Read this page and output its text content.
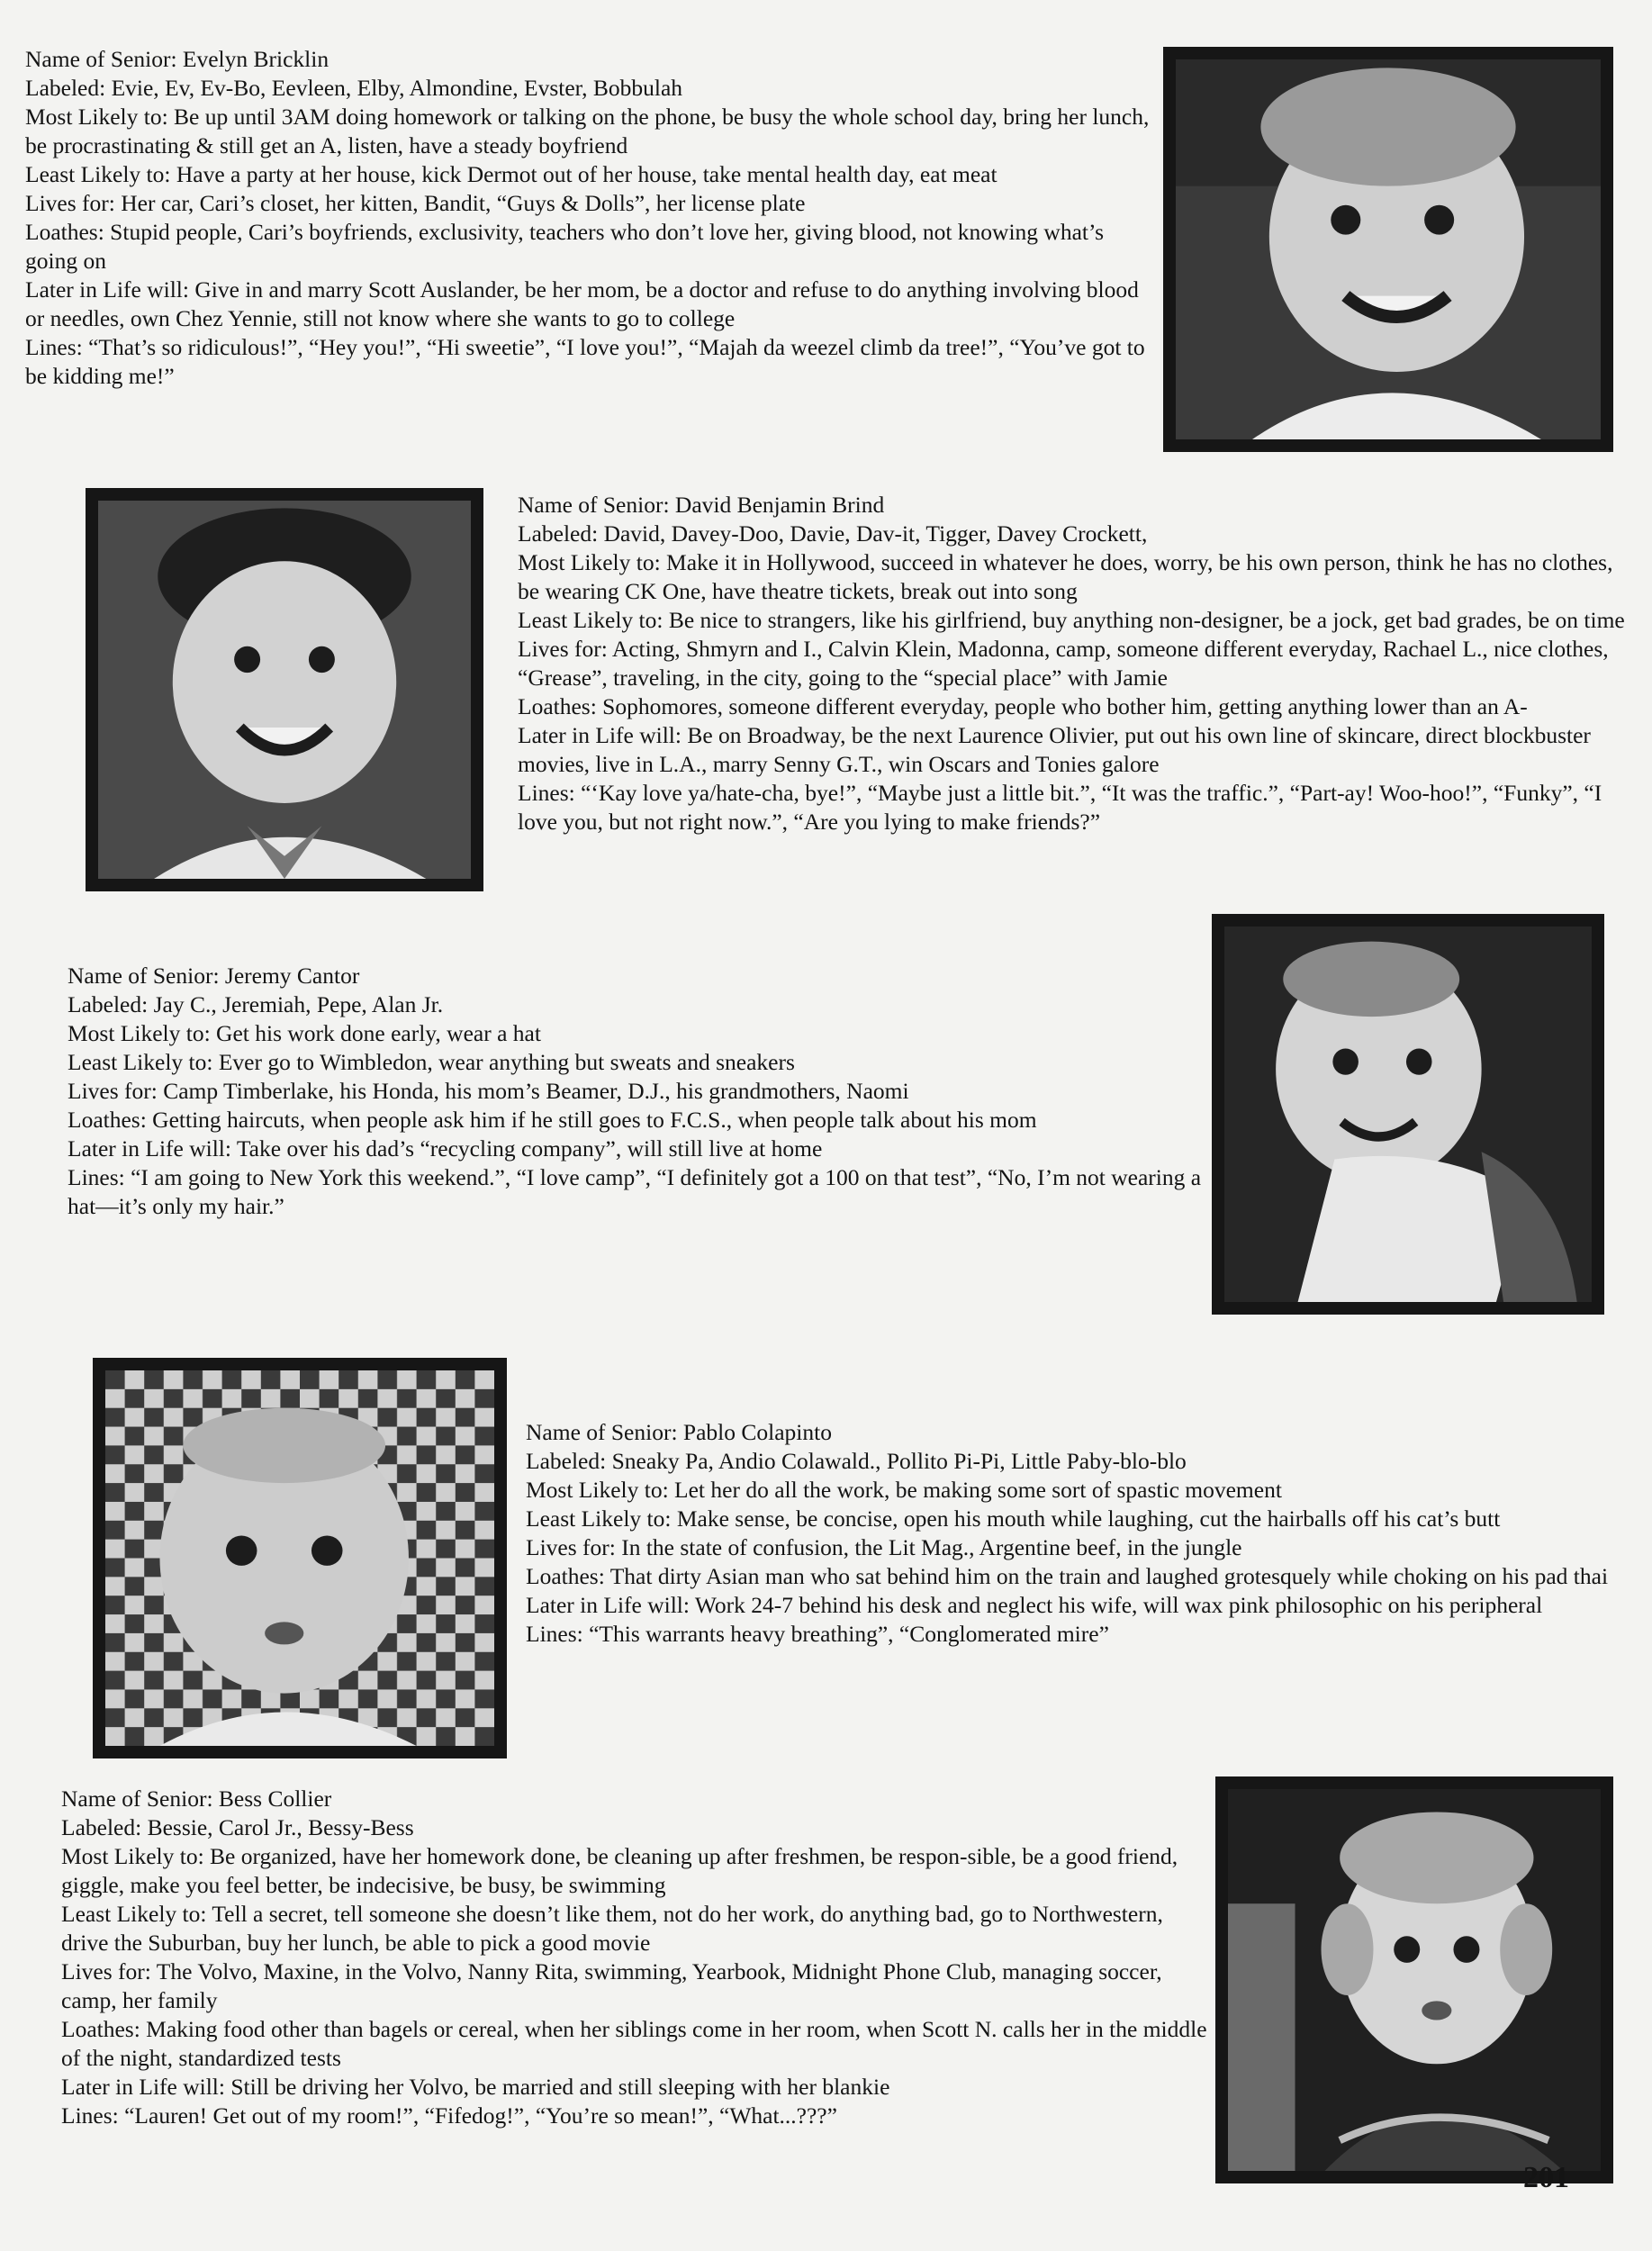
Name of Senior: Evelyn Bricklin
Labeled: Evie, Ev, Ev-Bo, Eevleen, Elby, Almondine, Evster, Bobbulah
Most Likely to: Be up until 3AM doing homework or talking on the phone, be busy the whole school day, bring her lunch, be procrastinating & still get an A, listen, have a steady boyfriend
Least Likely to: Have a party at her house, kick Dermot out of her house, take mental health day, eat meat
Lives for: Her car, Cari’s closet, her kitten, Bandit, “Guys & Dolls”, her license plate
Loathes: Stupid people, Cari’s boyfriends, exclusivity, teachers who don’t love her, giving blood, not knowing what’s going on
Later in Life will: Give in and marry Scott Auslander, be her mom, be a doctor and refuse to do anything involving blood or needles, own Chez Yennie, still not know where she wants to go to college
Lines: “That’s so ridiculous!”, “Hey you!”, “Hi sweetie”, “I love you!”, “Majah da weezel climb da tree!”, “You’ve got to be kidding me!”
Name of Senior: David Benjamin Brind
Labeled: David, Davey-Doo, Davie, Dav-it, Tigger, Davey Crockett,
Most Likely to: Make it in Hollywood, succeed in whatever he does, worry, be his own person, think he has no clothes, be wearing CK One, have theatre tickets, break out into song
Least Likely to: Be nice to strangers, like his girlfriend, buy anything non-designer, be a jock, get bad grades, be on time
Lives for: Acting, Shmyrn and I., Calvin Klein, Madonna, camp, someone different everyday, Rachael L., nice clothes, “Grease”, traveling, in the city, going to the “special place” with Jamie
Loathes: Sophomores, someone different everyday, people who bother him, getting anything lower than an A-
Later in Life will: Be on Broadway, be the next Laurence Olivier, put out his own line of skincare, direct blockbuster movies, live in L.A., marry Senny G.T., win Oscars and Tonies galore
Lines: “‘Kay love ya/hate-cha, bye!”, “Maybe just a little bit.”, “It was the traffic.”, “Part-ay! Woo-hoo!”, “Funky”, “I love you, but not right now.”, “Are you lying to make friends?”
Name of Senior: Jeremy Cantor
Labeled: Jay C., Jeremiah, Pepe, Alan Jr.
Most Likely to: Get his work done early, wear a hat
Least Likely to: Ever go to Wimbledon, wear anything but sweats and sneakers
Lives for: Camp Timberlake, his Honda, his mom’s Beamer, D.J., his grandmothers, Naomi
Loathes: Getting haircuts, when people ask him if he still goes to F.C.S., when people talk about his mom
Later in Life will: Take over his dad’s “recycling company”, will still live at home
Lines: “I am going to New York this weekend.”, “I love camp”, “I definitely got a 100 on that test”, “No, I’m not wearing a hat—it’s only my hair.”
Name of Senior: Pablo Colapinto
Labeled: Sneaky Pa, Andio Colawald., Pollito Pi-Pi, Little Paby-blo-blo
Most Likely to: Let her do all the work, be making some sort of spastic movement
Least Likely to: Make sense, be concise, open his mouth while laughing, cut the hairballs off his cat’s butt
Lives for: In the state of confusion, the Lit Mag., Argentine beef, in the jungle
Loathes: That dirty Asian man who sat behind him on the train and laughed grotesquely while choking on his pad thai
Later in Life will: Work 24-7 behind his desk and neglect his wife, will wax pink philosophic on his peripheral
Lines: “This warrants heavy breathing”, “Conglomerated mire”
Name of Senior: Bess Collier
Labeled: Bessie, Carol Jr., Bessy-Bess
Most Likely to: Be organized, have her homework done, be cleaning up after freshmen, be respon-sible, be a good friend, giggle, make you feel better, be indecisive, be busy, be swimming
Least Likely to: Tell a secret, tell someone she doesn’t like them, not do her work, do anything bad, go to Northwestern, drive the Suburban, buy her lunch, be able to pick a good movie
Lives for: The Volvo, Maxine, in the Volvo, Nanny Rita, swimming, Yearbook, Midnight Phone Club, managing soccer, camp, her family
Loathes: Making food other than bagels or cereal, when her siblings come in her room, when Scott N. calls her in the middle of the night, standardized tests
Later in Life will: Still be driving her Volvo, be married and still sleeping with her blankie
Lines: “Lauren! Get out of my room!”, “Fifedog!”, “You’re so mean!”, “What...???”
201
